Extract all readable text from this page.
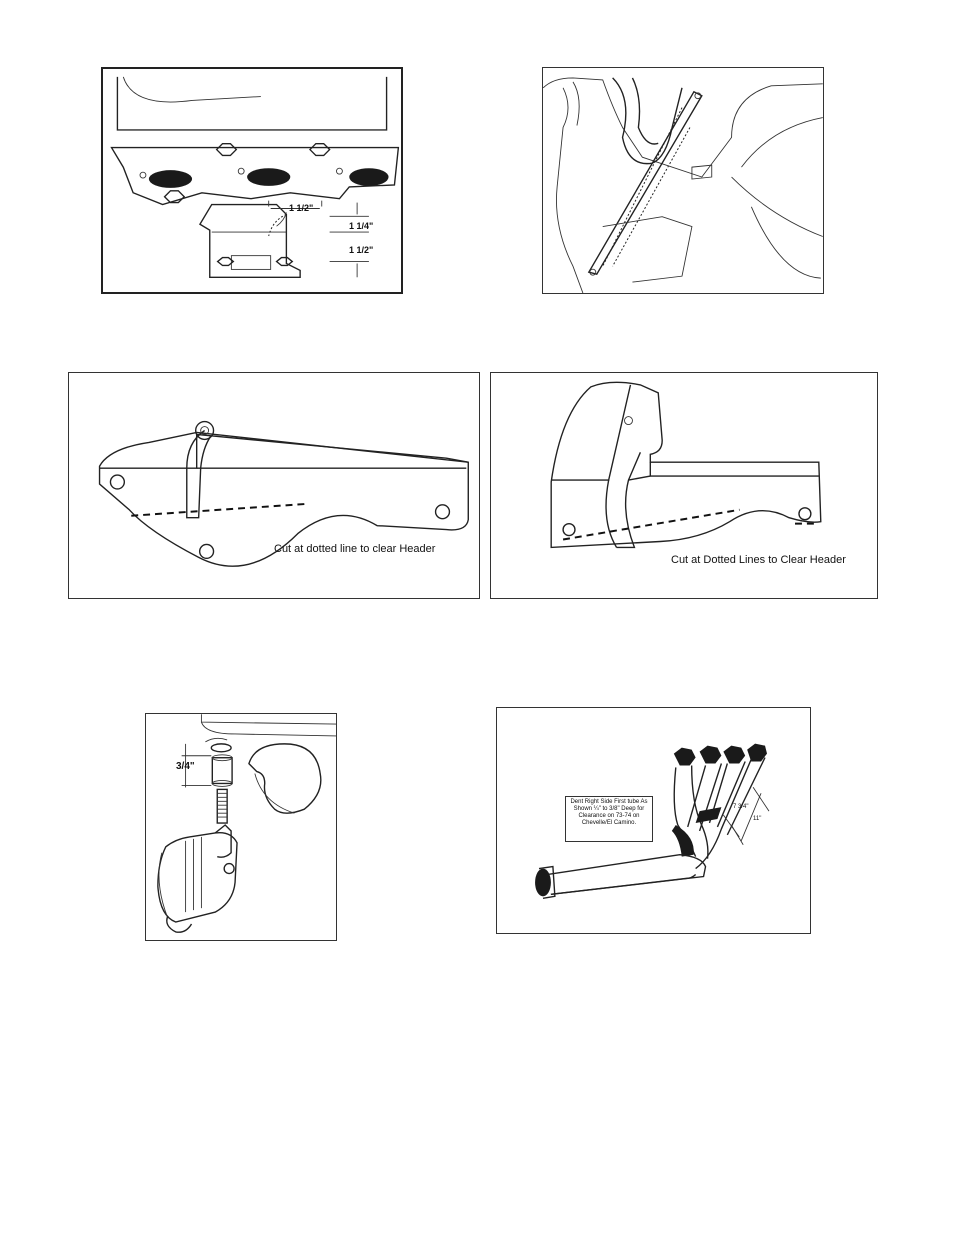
1 1/2"
1 1/4"
1 1/2"
Cut at dotted line to clear Header
Cut at Dotted Lines to Clear Header
3/4"
Dent Right Side First tube As Shown ¼" to 3/8" Deep for Clearance on 73-74 on Chevelle/El Camino.
7 3/4"
11"
